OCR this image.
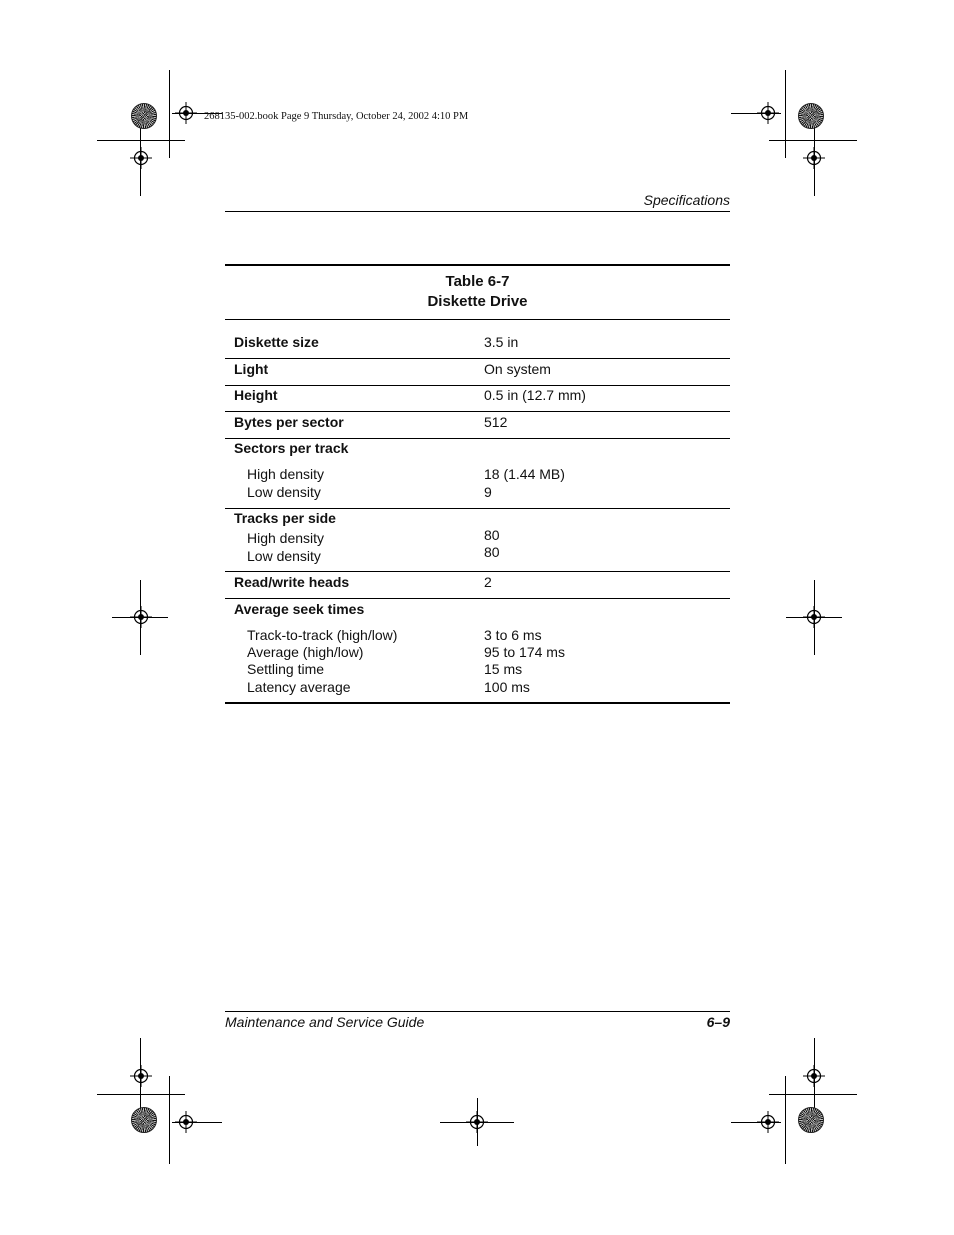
268135-002.book Page 9 Thursday, October 24, 2002 4:10 PM
Specifications
Table 6-7
Diskette Drive
Diskette size	3.5 in
Light	On system
Height	0.5 in (12.7 mm)
Bytes per sector	512
Sectors per track
High density	18 (1.44 MB)
Low density	9
Tracks per side
High density	80
Low density	80
Read/write heads	2
Average seek times
Track-to-track (high/low)	3 to 6 ms
Average (high/low)	95 to 174 ms
Settling time	15 ms
Latency average	100 ms
Maintenance and Service Guide	6–9
